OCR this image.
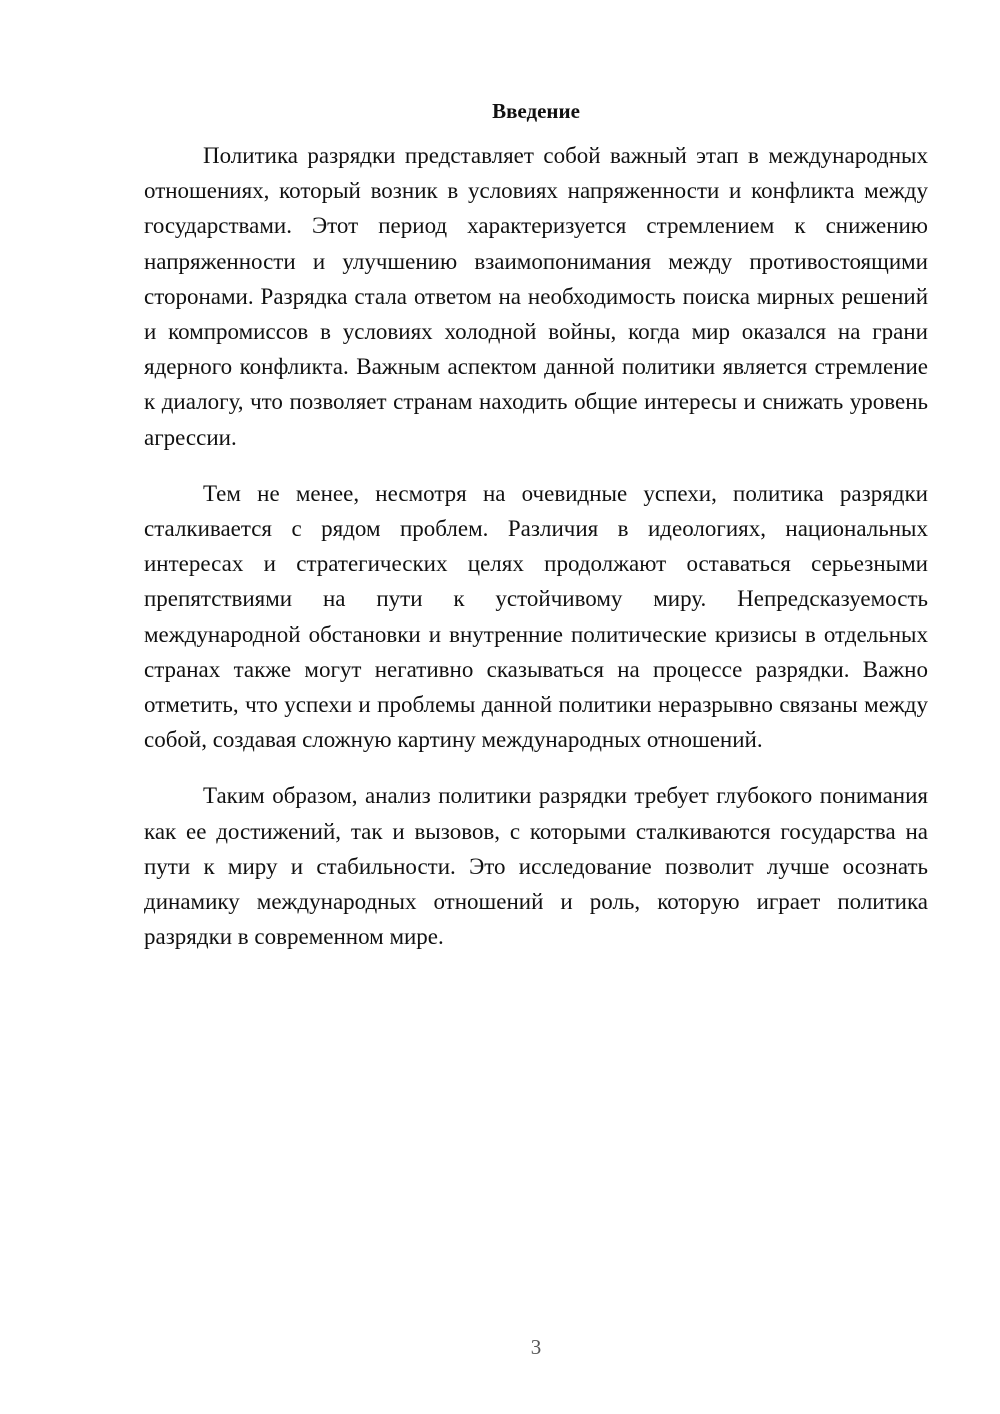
Введение

Политика разрядки представляет собой важный этап в международных отношениях, который возник в условиях напряженности и конфликта между государствами. Этот период характеризуется стремлением к снижению напряженности и улучшению взаимопонимания между противостоящими сторонами. Разрядка стала ответом на необходимость поиска мирных решений и компромиссов в условиях холодной войны, когда мир оказался на грани ядерного конфликта. Важным аспектом данной политики является стремление к диалогу, что позволяет странам находить общие интересы и снижать уровень агрессии.

Тем не менее, несмотря на очевидные успехи, политика разрядки сталкивается с рядом проблем. Различия в идеологиях, национальных интересах и стратегических целях продолжают оставаться серьезными препятствиями на пути к устойчивому миру. Непредсказуемость международной обстановки и внутренние политические кризисы в отдельных странах также могут негативно сказываться на процессе разрядки. Важно отметить, что успехи и проблемы данной политики неразрывно связаны между собой, создавая сложную картину международных отношений.

Таким образом, анализ политики разрядки требует глубокого понимания как ее достижений, так и вызовов, с которыми сталкиваются государства на пути к миру и стабильности. Это исследование позволит лучше осознать динамику международных отношений и роль, которую играет политика разрядки в современном мире.

3
